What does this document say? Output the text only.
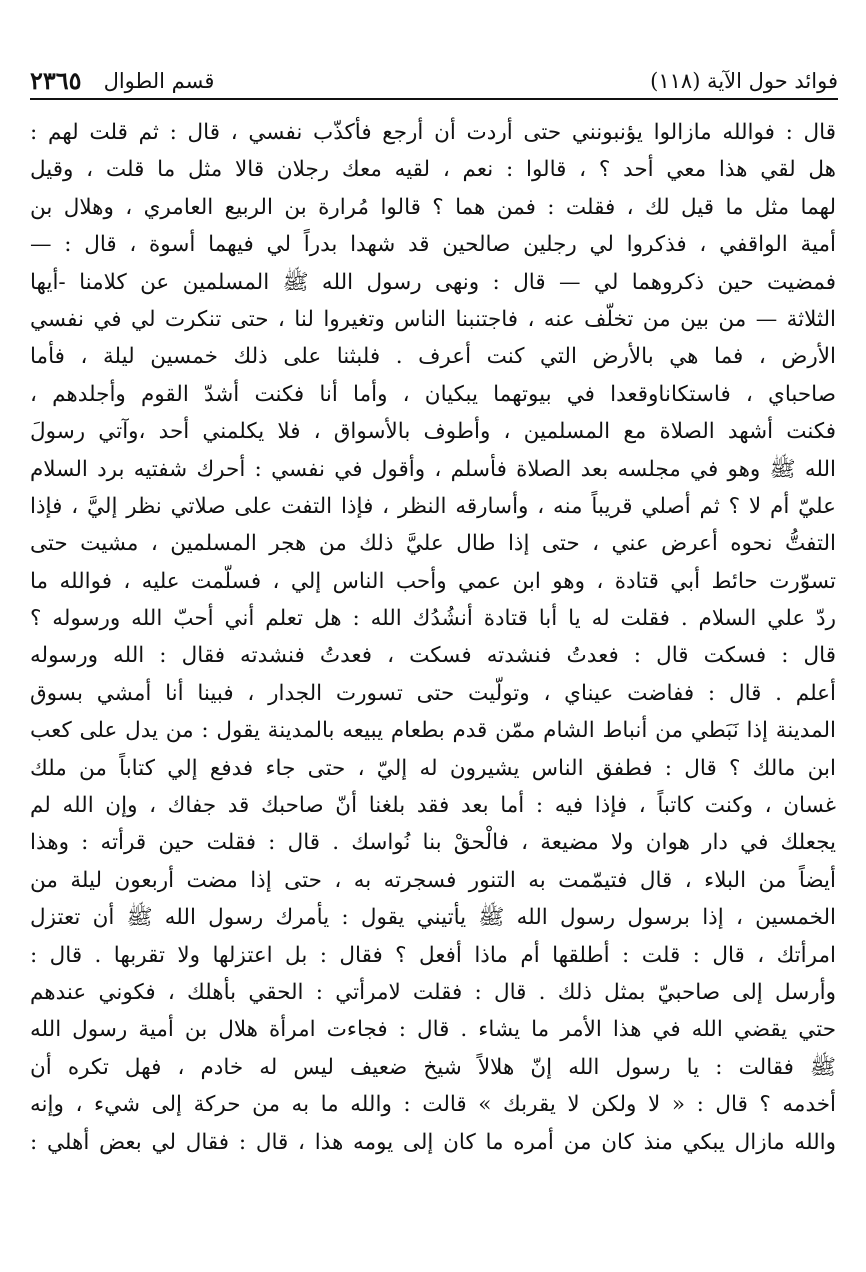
فوائد حول الآية (١١٨)
قسم الطوال
٢٣٦٥
قال : فوالله مازالوا يؤنبونني حتى أردت أن أرجع فأكذّب نفسي ، قال : ثم قلت لهم :
هل لقي هذا معي أحد ؟ ، قالوا : نعم ، لقيه معك رجلان قالا مثل ما قلت ، وقيل
لهما مثل ما قيل لك ، فقلت : فمن هما ؟ قالوا مُرارة بن الربيع العامري ، وهلال بن
أمية الواقفي ، فذكروا لي رجلين صالحين قد شهدا بدراً لي فيهما أسوة ، قال : —
فمضيت حين ذكروهما لي — قال : ونهى رسول الله ﷺ المسلمين عن كلامنا -أيها
الثلاثة — من بين من تخلّف عنه ، فاجتنبنا الناس وتغيروا لنا ، حتى تنكرت لي في نفسي
الأرض ، فما هي بالأرض التي كنت أعرف . فلبثنا على ذلك خمسين ليلة ، فأما
صاحباي ، فاستكاناوقعدا في بيوتهما يبكيان ، وأما أنا فكنت أشدّ القوم وأجلدهم ،
فكنت أشهد الصلاة مع المسلمين ، وأطوف بالأسواق ، فلا يكلمني أحد ،وآتي رسولَ
الله ﷺ وهو في مجلسه بعد الصلاة فأسلم ، وأقول في نفسي : أحرك شفتيه برد السلام
عليّ أم لا ؟ ثم أصلي قريباً منه ، وأسارقه النظر ، فإذا التفت على صلاتي نظر إليَّ ، فإذا
التفتُّ نحوه أعرض عني ، حتى إذا طال عليَّ ذلك من هجر المسلمين ، مشيت حتى
تسوّرت حائط أبي قتادة ، وهو ابن عمي وأحب الناس إلي ، فسلّمت عليه ، فوالله ما
ردّ علي السلام . فقلت له يا أبا قتادة أنشُدُك الله : هل تعلم أني أحبّ الله ورسوله ؟
قال : فسكت قال : فعدتُ فنشدته فسكت ، فعدتُ فنشدته فقال : الله ورسوله
أعلم . قال : ففاضت عيناي ، وتولّيت حتى تسورت الجدار ، فبينا أنا أمشي بسوق
المدينة إذا نَبَطي من أنباط الشام ممّن قدم بطعام يبيعه بالمدينة يقول : من يدل على كعب
ابن مالك ؟ قال : فطفق الناس يشيرون له إليّ ، حتى جاء فدفع إلي كتاباً من ملك
غسان ، وكنت كاتباً ، فإذا فيه : أما بعد فقد بلغنا أنّ صاحبك قد جفاك ، وإن الله لم
يجعلك في دار هوان ولا مضيعة ، فالْحقْ بنا نُواسك . قال : فقلت حين قرأته : وهذا
أيضاً من البلاء ، قال فتيمّمت به التنور فسجرته به ، حتى إذا مضت أربعون ليلة من
الخمسين ، إذا برسول رسول الله ﷺ يأتيني يقول : يأمرك رسول الله ﷺ أن تعتزل
امرأتك ، قال : قلت : أطلقها أم ماذا أفعل ؟ فقال : بل اعتزلها ولا تقربها . قال :
وأرسل إلى صاحبيّ بمثل ذلك . قال : فقلت لامرأتي : الحقي بأهلك ، فكوني عندهم
حتي يقضي الله في هذا الأمر ما يشاء . قال : فجاءت امرأة هلال بن أمية رسول الله
ﷺ فقالت : يا رسول الله إنّ هلالاً شيخ ضعيف ليس له خادم ، فهل تكره أن
أخدمه ؟ قال : « لا ولكن لا يقربك » قالت : والله ما به من حركة إلى شيء ، وإنه
والله مازال يبكي منذ كان من أمره ما كان إلى يومه هذا ، قال : فقال لي بعض أهلي :
